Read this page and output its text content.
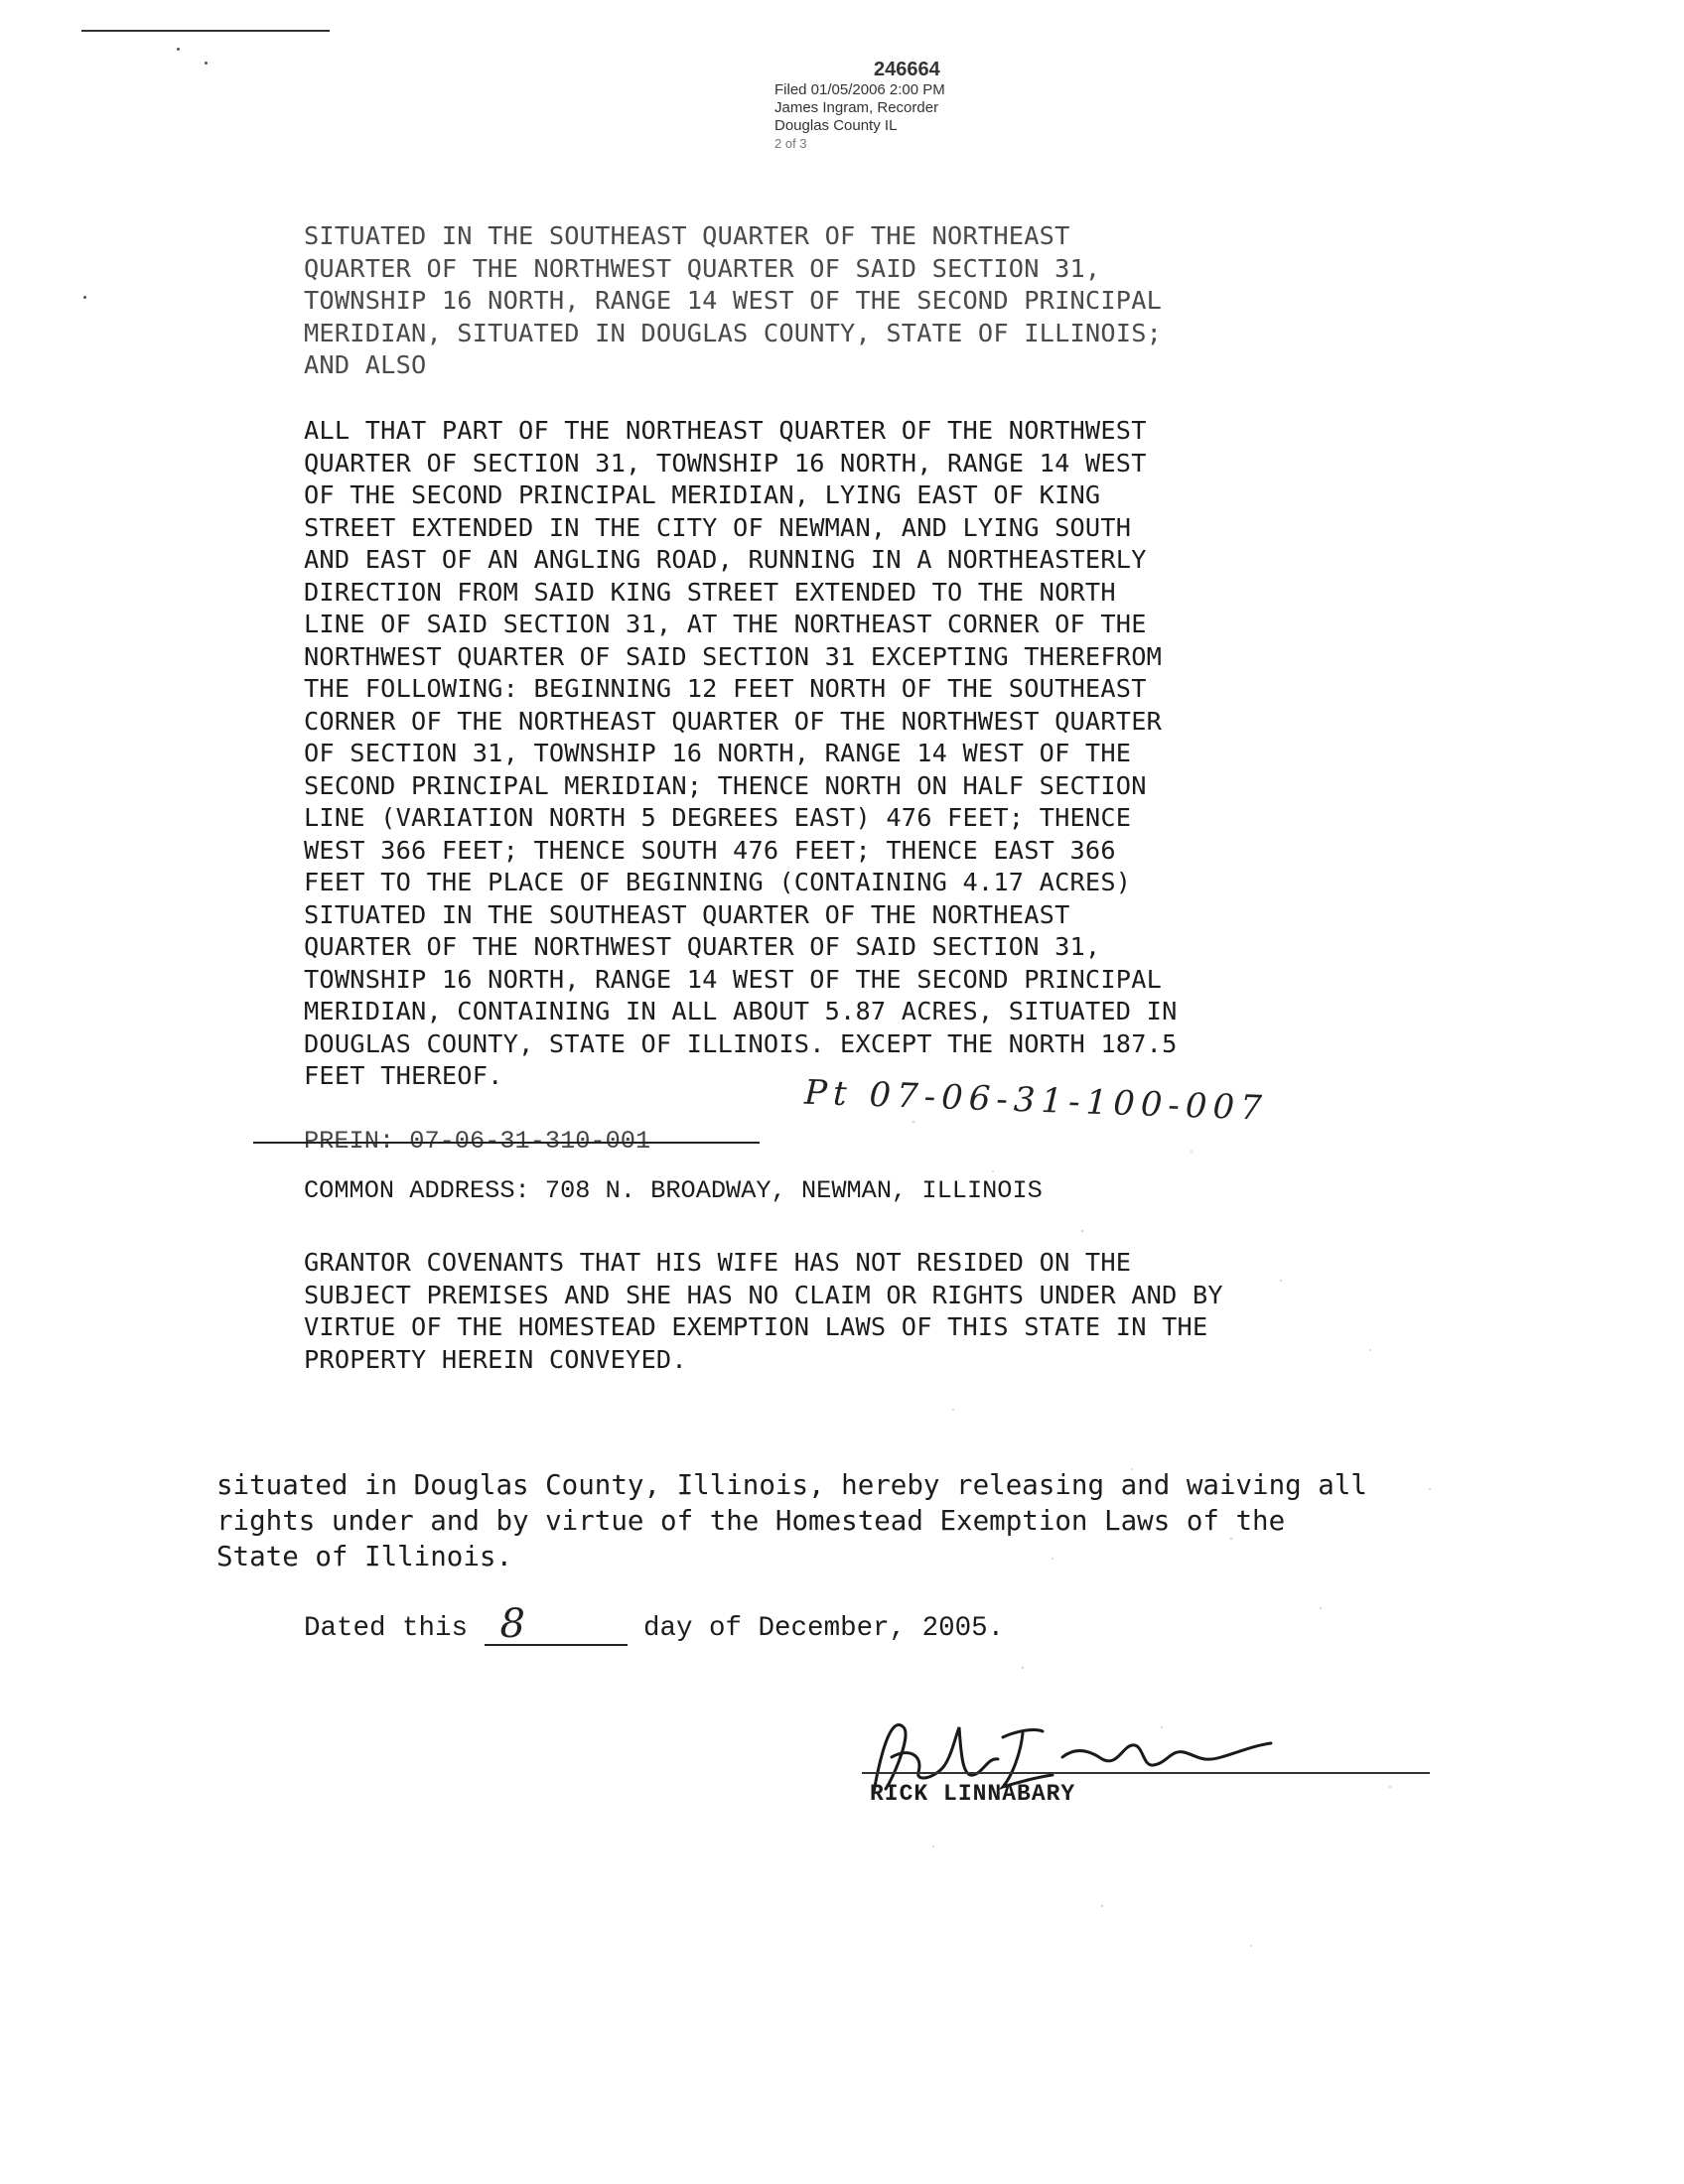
246664
Filed 01/05/2006 2:00 PM
James Ingram, Recorder
Douglas County IL
2 of 3
SITUATED IN THE SOUTHEAST QUARTER OF THE NORTHEAST
QUARTER OF THE NORTHWEST QUARTER OF SAID SECTION 31,
TOWNSHIP 16 NORTH, RANGE 14 WEST OF THE SECOND PRINCIPAL
MERIDIAN, SITUATED IN DOUGLAS COUNTY, STATE OF ILLINOIS;
AND ALSO
ALL THAT PART OF THE NORTHEAST QUARTER OF THE NORTHWEST
QUARTER OF SECTION 31, TOWNSHIP 16 NORTH, RANGE 14 WEST
OF THE SECOND PRINCIPAL MERIDIAN, LYING EAST OF KING
STREET EXTENDED IN THE CITY OF NEWMAN, AND LYING SOUTH
AND EAST OF AN ANGLING ROAD, RUNNING IN A NORTHEASTERLY
DIRECTION FROM SAID KING STREET EXTENDED TO THE NORTH
LINE OF SAID SECTION 31, AT THE NORTHEAST CORNER OF THE
NORTHWEST QUARTER OF SAID SECTION 31 EXCEPTING THEREFROM
THE FOLLOWING: BEGINNING 12 FEET NORTH OF THE SOUTHEAST
CORNER OF THE NORTHEAST QUARTER OF THE NORTHWEST QUARTER
OF SECTION 31, TOWNSHIP 16 NORTH, RANGE 14 WEST OF THE
SECOND PRINCIPAL MERIDIAN; THENCE NORTH ON HALF SECTION
LINE (VARIATION NORTH 5 DEGREES EAST) 476 FEET; THENCE
WEST 366 FEET; THENCE SOUTH 476 FEET; THENCE EAST 366
FEET TO THE PLACE OF BEGINNING (CONTAINING 4.17 ACRES)
SITUATED IN THE SOUTHEAST QUARTER OF THE NORTHEAST
QUARTER OF THE NORTHWEST QUARTER OF SAID SECTION 31,
TOWNSHIP 16 NORTH, RANGE 14 WEST OF THE SECOND PRINCIPAL
MERIDIAN, CONTAINING IN ALL ABOUT 5.87 ACRES, SITUATED IN
DOUGLAS COUNTY, STATE OF ILLINOIS. EXCEPT THE NORTH 187.5
FEET THEREOF.	Pt 07-06-31-100-007
PREIN: 07-06-31-310-001
COMMON ADDRESS: 708 N. BROADWAY, NEWMAN, ILLINOIS
GRANTOR COVENANTS THAT HIS WIFE HAS NOT RESIDED ON THE
SUBJECT PREMISES AND SHE HAS NO CLAIM OR RIGHTS UNDER AND BY
VIRTUE OF THE HOMESTEAD EXEMPTION LAWS OF THIS STATE IN THE
PROPERTY HEREIN CONVEYED.
situated in Douglas County, Illinois, hereby releasing and waiving all
rights under and by virtue of the Homestead Exemption Laws of the
State of Illinois.
Dated this 8	day of December, 2005.
RICK LINNABARY
